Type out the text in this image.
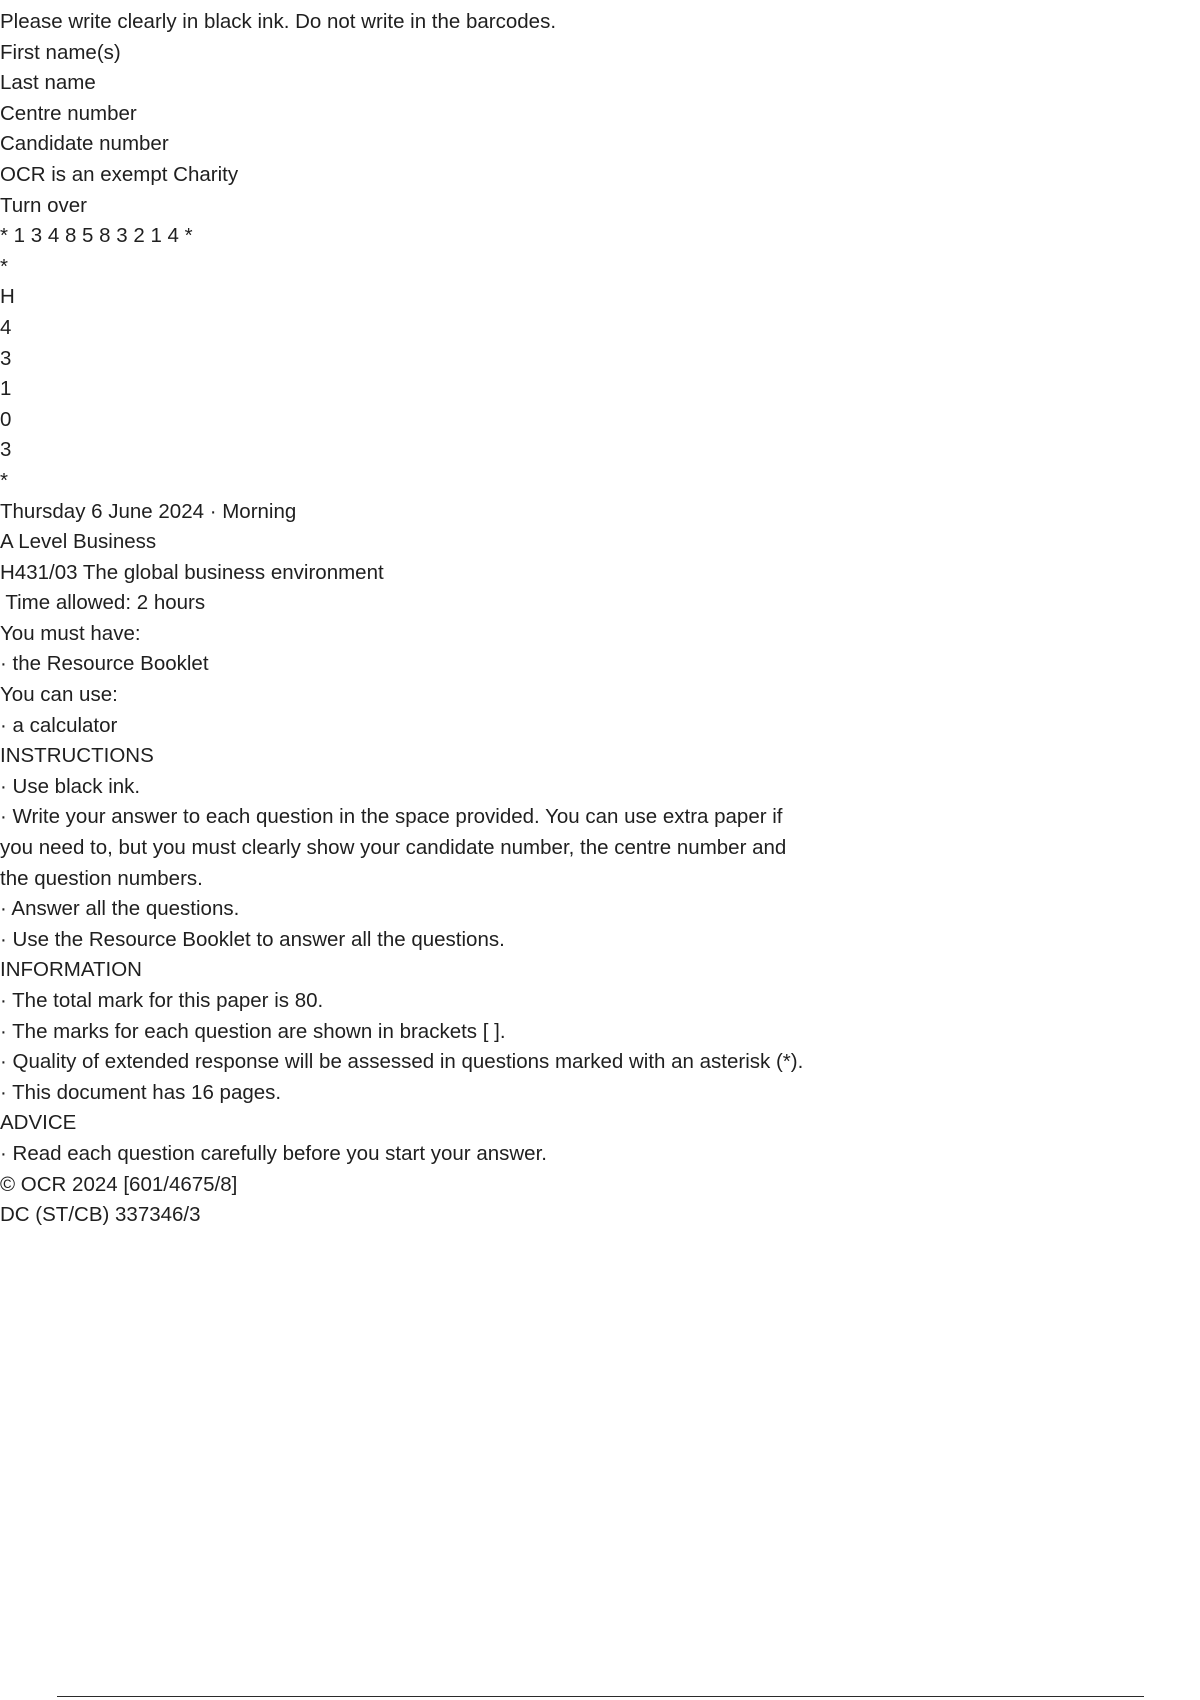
Please write clearly in black ink. Do not write in the barcodes.
First name(s)
Last name
Centre number
Candidate number
OCR is an exempt Charity
Turn over
* 1 3 4 8 5 8 3 2 1 4 *
*
H
4
3
1
0
3
*
Thursday 6 June 2024 · Morning
A Level Business
H431/03 The global business environment
Time allowed: 2 hours
You must have:
· the Resource Booklet
You can use:
· a calculator
INSTRUCTIONS
· Use black ink.
· Write your answer to each question in the space provided. You can use extra paper if
you need to, but you must clearly show your candidate number, the centre number and
the question numbers.
· Answer all the questions.
· Use the Resource Booklet to answer all the questions.
INFORMATION
· The total mark for this paper is 80.
· The marks for each question are shown in brackets [ ].
· Quality of extended response will be assessed in questions marked with an asterisk (*).
· This document has 16 pages.
ADVICE
· Read each question carefully before you start your answer.
© OCR 2024 [601/4675/8]
DC (ST/CB) 337346/3
